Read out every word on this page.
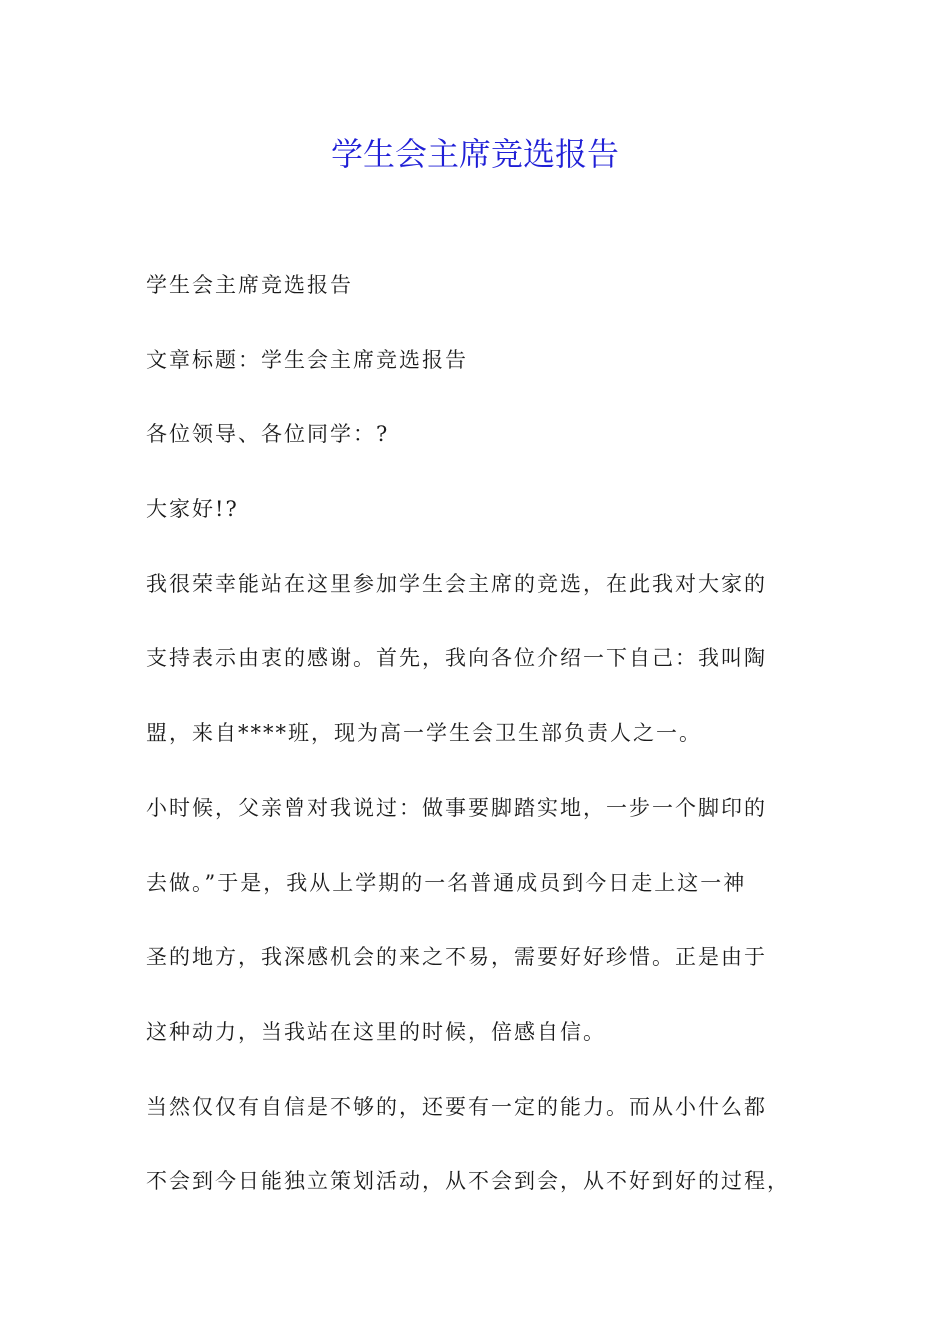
学生会主席竞选报告
学生会主席竞选报告
文章标题：学生会主席竞选报告
各位领导、各位同学：?
大家好!?
我很荣幸能站在这里参加学生会主席的竞选，在此我对大家的
支持表示由衷的感谢。首先，我向各位介绍一下自己：我叫陶
盟，来自****班，现为高一学生会卫生部负责人之一。
小时候，父亲曾对我说过：做事要脚踏实地，一步一个脚印的
去做。”于是，我从上学期的一名普通成员到今日走上这一神
圣的地方，我深感机会的来之不易，需要好好珍惜。正是由于
这种动力，当我站在这里的时候，倍感自信。
当然仅仅有自信是不够的，还要有一定的能力。而从小什么都
不会到今日能独立策划活动，从不会到会，从不好到好的过程，
